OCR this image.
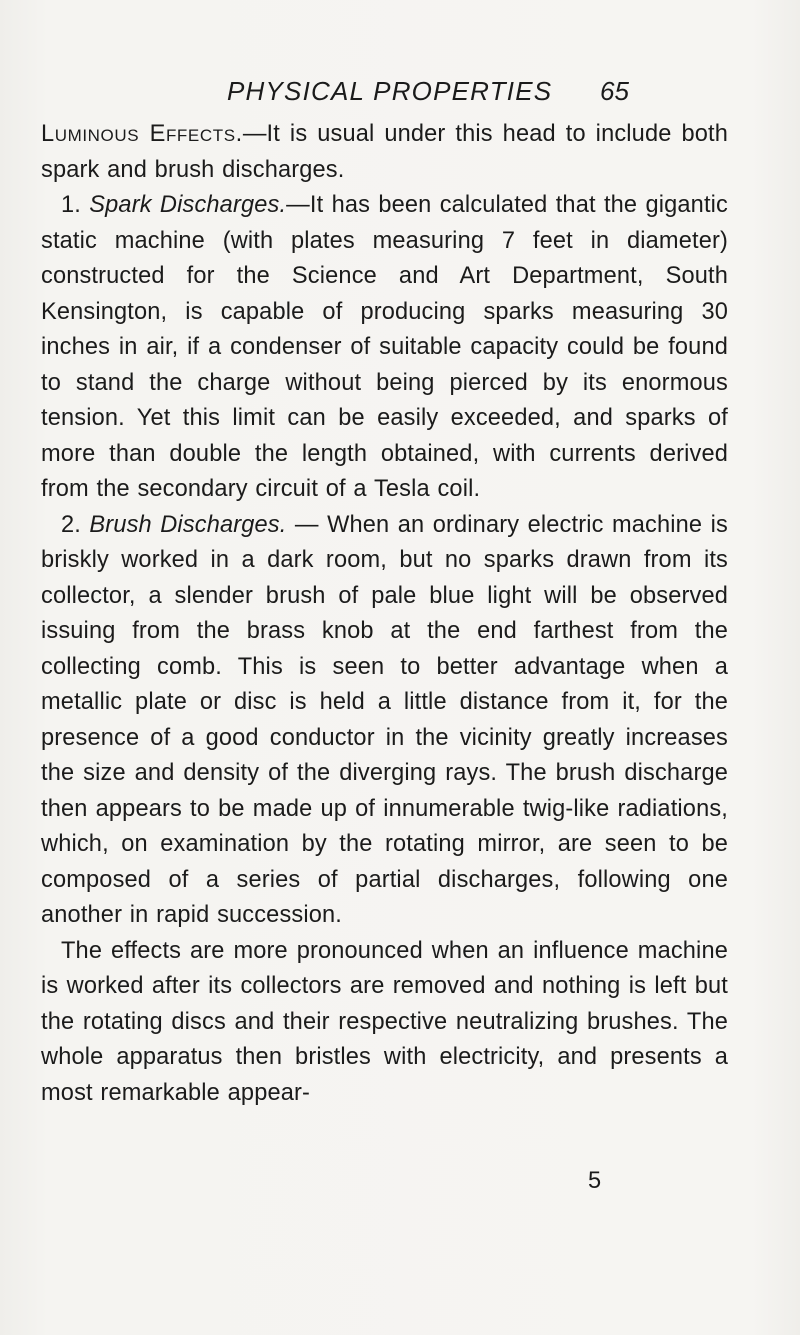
PHYSICAL PROPERTIES 65

Luminous Effects.—It is usual under this head to include both spark and brush discharges.

1. Spark Discharges.—It has been calculated that the gigantic static machine (with plates measuring 7 feet in diameter) constructed for the Science and Art Department, South Kensington, is capable of producing sparks measuring 30 inches in air, if a condenser of suitable capacity could be found to stand the charge without being pierced by its enormous tension. Yet this limit can be easily exceeded, and sparks of more than double the length obtained, with currents derived from the secondary circuit of a Tesla coil.

2. Brush Discharges. — When an ordinary electric machine is briskly worked in a dark room, but no sparks drawn from its collector, a slender brush of pale blue light will be observed issuing from the brass knob at the end farthest from the collecting comb. This is seen to better advantage when a metallic plate or disc is held a little distance from it, for the presence of a good conductor in the vicinity greatly increases the size and density of the diverging rays. The brush discharge then appears to be made up of innumerable twig-like radiations, which, on examination by the rotating mirror, are seen to be composed of a series of partial discharges, following one another in rapid succession.

The effects are more pronounced when an influence machine is worked after its collectors are removed and nothing is left but the rotating discs and their respective neutralizing brushes. The whole apparatus then bristles with electricity, and presents a most remarkable appear-

5
